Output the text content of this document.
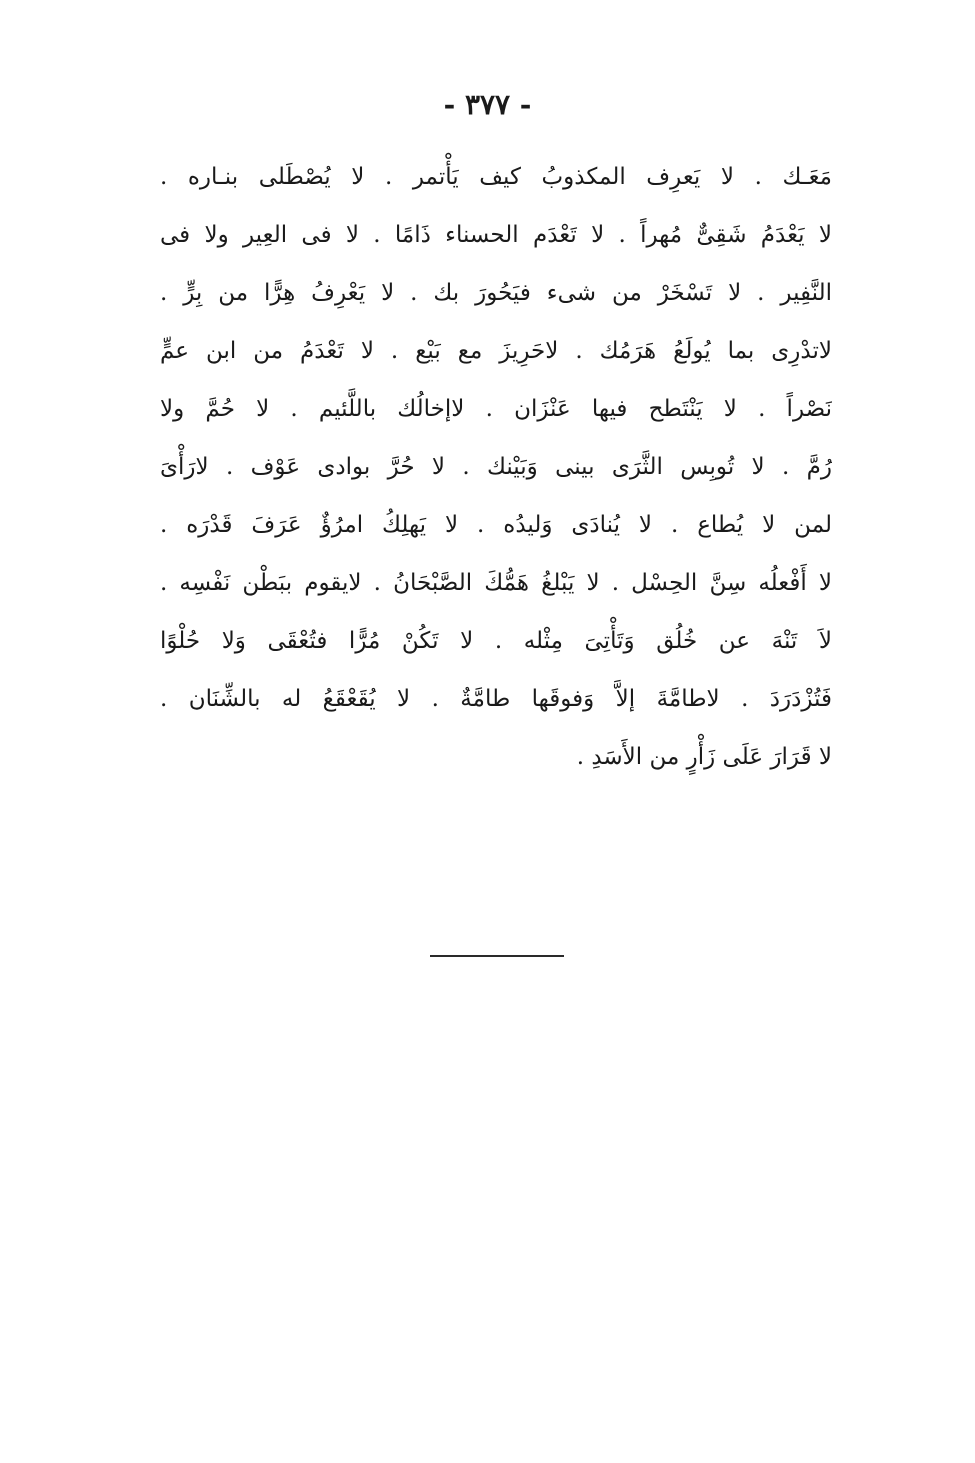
- ٣٧٧ -
مَعَـك . لا يَعرِف المكذوبُ كيف يَأْتمر . لا يُصْطَلى بنـاره .
لا يَعْدَمُ شَقِىٌّ مُهراً . لا تَعْدَم الحسناء ذَامًا . لا فى العِير ولا فى
النَّفِير . لا تَسْخَرْ من شىء فيَحُورَ بك . لا يَعْرِفُ هِرًّا من بِرٍّ .
لاتدْرِى بما يُولَعُ هَرَمُك . لاحَرِيزَ مع بَيْع . لا تَعْدَمُ من ابن عمٍّ
نَصْراً . لا يَنْتَطح فيها عَنْزَان . لاإخالُك باللَّئيم . لا حُمَّ ولا
رُمَّ . لا تُوبِس الثَّرَى بينى وَبَيْنك . لا حُرَّ بوادى عَوْف . لارَأْىَ
لمن لا يُطاع . لا يُنادَى وَليدُه . لا يَهلِكُ امرُؤٌ عَرَفَ قَدْرَه .
لا أَفْعلُه سِنَّ الحِسْل . لا يَبْلغُ هَمُّكَ الصَّبْحَانُ . لايقوم ببَطْن نَفْسِه .
لاَ تَنْهَ عن خُلُق وَتَأْتِىَ مِثْله . لا تَكُنْ مُرًّا فتُعْقَى وَلا حُلْوًا
فَتُزْدَرَدَ . لاطامَّةَ إلاَّ وَفوقَها طامَّةٌ . لا يُقَعْقَعُ له بالشِّنَان .
لا قَرَارَ عَلَى زَأْرٍ من الأَسَدِ .
